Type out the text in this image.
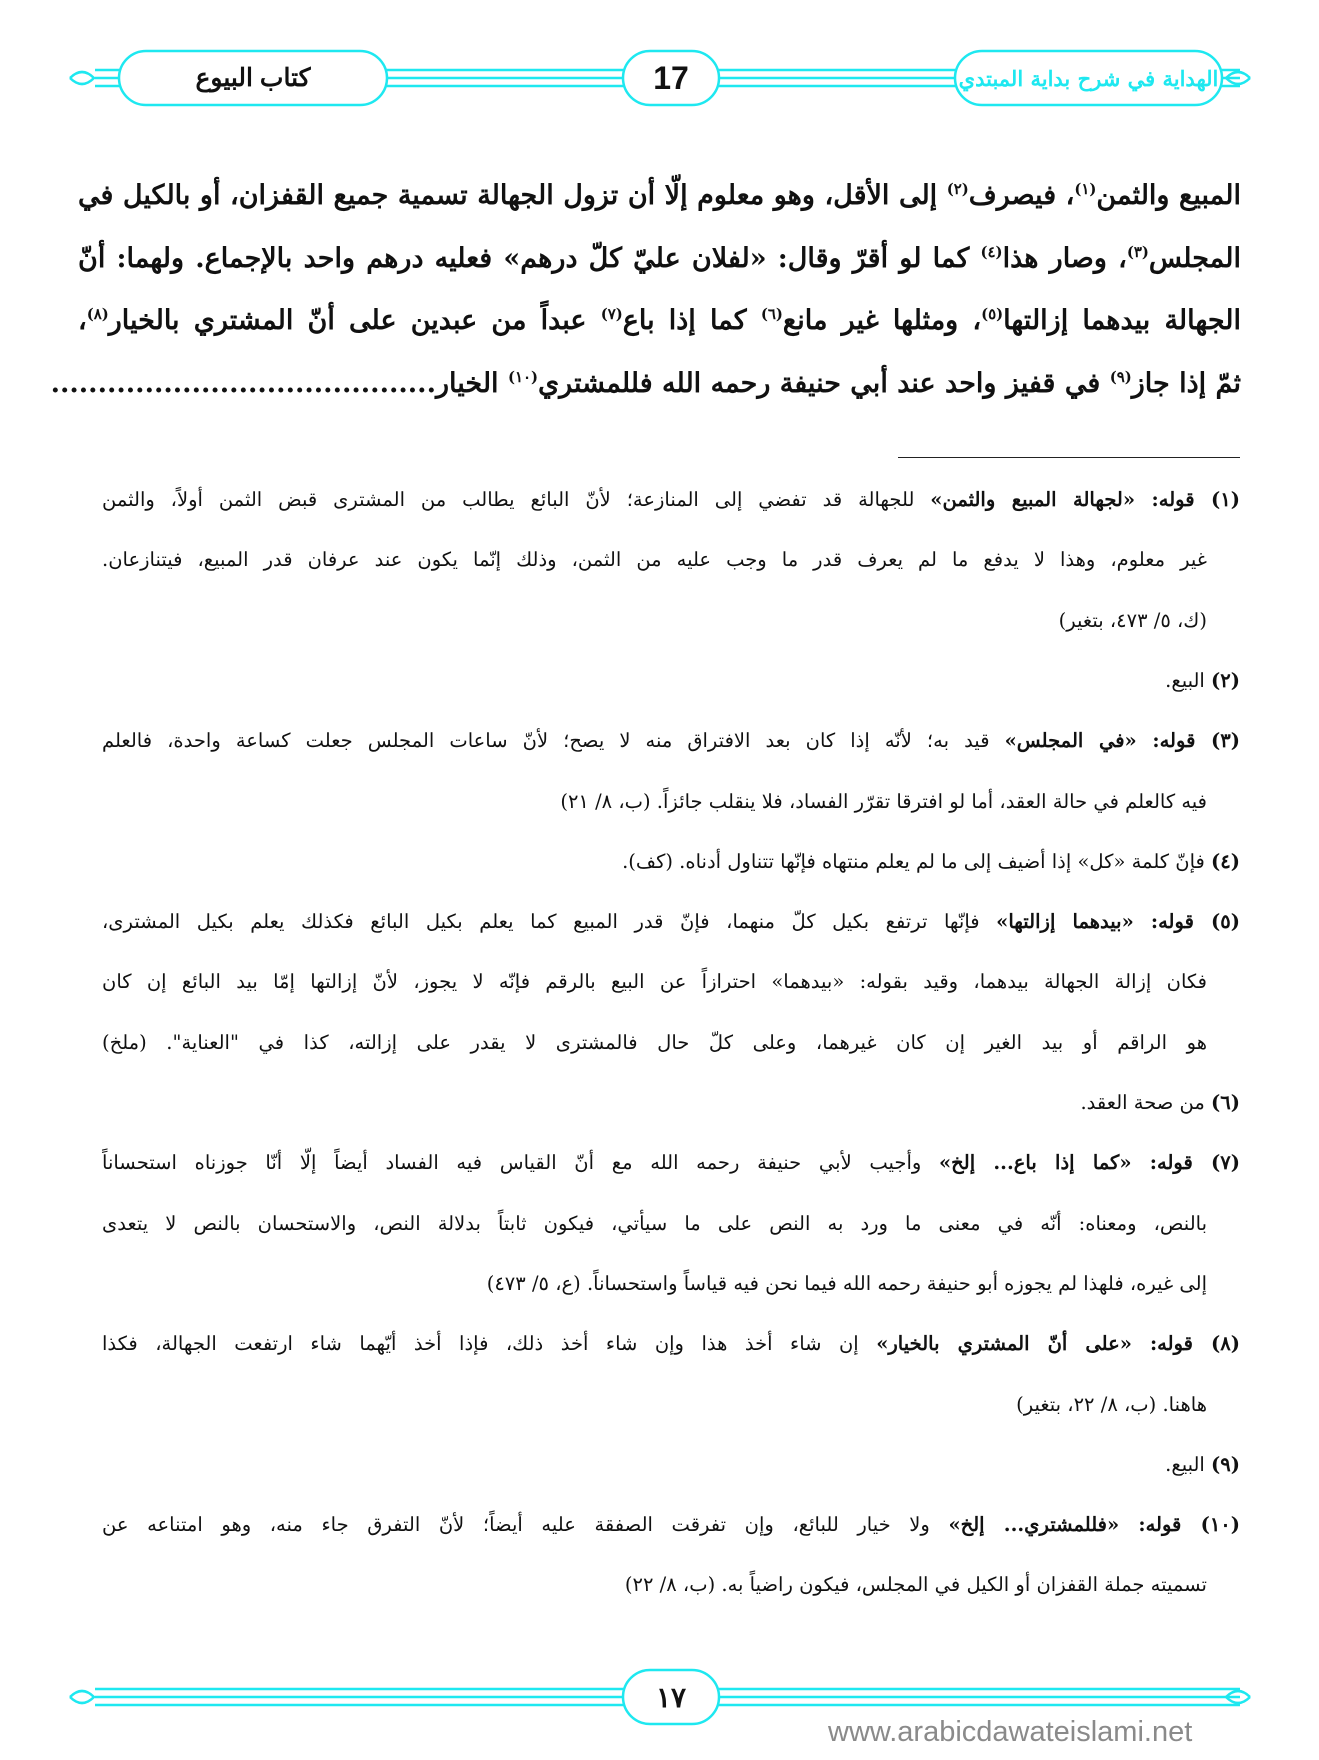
كتاب البيوع	17	الهداية في شرح بداية المبتدي
المبيع والثمن$^{(١)}$، فيصرف$^{(٢)}$ إلى الأقل، وهو معلوم إلّا أن تزول الجهالة تسمية جميع القفزان، أو بالكيل في
المجلس$^{(٣)}$، وصار هذا$^{(٤)}$ كما لو أقرّ وقال: «لفلان عليّ كلّ درهم» فعليه درهم واحد بالإجماع. ولهما: أنّ
الجهالة بيدهما إزالتها$^{(٥)}$، ومثلها غير مانع$^{(٦)}$ كما إذا باع$^{(٧)}$ عبداً من عبدين على أنّ المشتري بالخيار$^{(٨)}$،
ثمّ إذا جاز$^{(٩)}$ في قفيز واحد عند أبي حنيفة رحمه الله فللمشتري$^{(١٠)}$ الخيار.........................................
(١) قوله: «لجهالة المبيع والثمن» للجهالة قد تفضي إلى المنازعة؛ لأنّ البائع يطالب من المشترى قبض الثمن أولاً، والثمن
غير معلوم، وهذا لا يدفع ما لم يعرف قدر ما وجب عليه من الثمن، وذلك إنّما يكون عند عرفان قدر المبيع، فيتنازعان.
(ك، ٥/ ٤٧٣، بتغير)
(٢) البيع.
(٣) قوله: «في المجلس» قيد به؛ لأنّه إذا كان بعد الافتراق منه لا يصح؛ لأنّ ساعات المجلس جعلت كساعة واحدة، فالعلم
فيه كالعلم في حالة العقد، أما لو افترقا تقرّر الفساد، فلا ينقلب جائزاً. (ب، ٨/ ٢١)
(٤) فإنّ كلمة «كل» إذا أضيف إلى ما لم يعلم منتهاه فإنّها تتناول أدناه. (كف).
(٥) قوله: «بيدهما إزالتها» فإنّها ترتفع بكيل كلّ منهما، فإنّ قدر المبيع كما يعلم بكيل البائع فكذلك يعلم بكيل المشترى،
فكان إزالة الجهالة بيدهما، وقيد بقوله: «بيدهما» احترازاً عن البيع بالرقم فإنّه لا يجوز، لأنّ إزالتها إمّا بيد البائع إن كان
هو الراقم أو بيد الغير إن كان غيرهما، وعلى كلّ حال فالمشترى لا يقدر على إزالته، كذا في "العناية". (ملخ)
(٦) من صحة العقد.
(٧) قوله: «كما إذا باع... إلخ» وأجيب لأبي حنيفة رحمه الله مع أنّ القياس فيه الفساد أيضاً إلّا أنّا جوزناه استحساناً
بالنص، ومعناه: أنّه في معنى ما ورد به النص على ما سيأتي، فيكون ثابتاً بدلالة النص، والاستحسان بالنص لا يتعدى
إلى غيره، فلهذا لم يجوزه أبو حنيفة رحمه الله فيما نحن فيه قياساً واستحساناً. (ع، ٥/ ٤٧٣)
(٨) قوله: «على أنّ المشتري بالخيار» إن شاء أخذ هذا وإن شاء أخذ ذلك، فإذا أخذ أيّهما شاء ارتفعت الجهالة، فكذا
هاهنا. (ب، ٨/ ٢٢، بتغير)
(٩) البيع.
(١٠) قوله: «فللمشتري... إلخ» ولا خيار للبائع، وإن تفرقت الصفقة عليه أيضاً؛ لأنّ التفرق جاء منه، وهو امتناعه عن
تسميته جملة القفزان أو الكيل في المجلس، فيكون راضياً به. (ب، ٨/ ٢٢)
١٧
www.arabicdawateislami.net
